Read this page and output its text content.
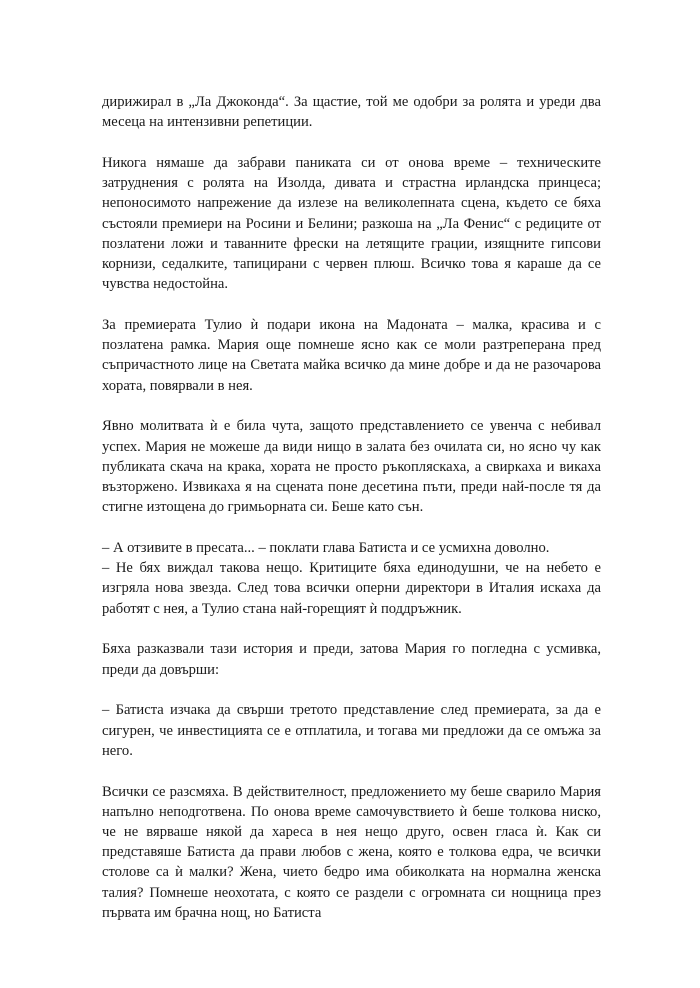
дирижирал в „Ла Джоконда“. За щастие, той ме одобри за ролята и уреди два месеца на интензивни репетиции.

Никога нямаше да забрави паниката си от онова време – техническите затруднения с ролята на Изолда, дивата и страстна ирландска принцеса; непоносимото напрежение да излезе на великолепната сцена, където се бяха състояли премиери на Росини и Белини; разкоша на „Ла Фенис“ с редиците от позлатени ложи и таванните фрески на летящите грации, изящните гипсови корнизи, седалките, тапицирани с червен плюш. Всичко това я караше да се чувства недостойна.

За премиерата Тулио ѝ подари икона на Мадоната – малка, красива и с позлатена рамка. Мария още помнеше ясно как се моли разтреперана пред съпричастното лице на Светата майка всичко да мине добре и да не разочарова хората, повярвали в нея.

Явно молитвата ѝ е била чута, защото представлението се увенча с небивал успех. Мария не можеше да види нищо в залата без очилата си, но ясно чу как публиката скача на крака, хората не просто ръкопляскаха, а свиркаха и викаха възторжено. Извикаха я на сцената поне десетина пъти, преди най-после тя да стигне изтощена до гримьорната си. Беше като сън.

– А отзивите в пресата... – поклати глава Батиста и се усмихна доволно.

– Не бях виждал такова нещо. Критиците бяха единодушни, че на небето е изгряла нова звезда. След това всички оперни директори в Италия искаха да работят с нея, а Тулио стана най-горещият ѝ поддръжник.

Бяха разказвали тази история и преди, затова Мария го погледна с усмивка, преди да довърши:

– Батиста изчака да свърши третото представление след премиерата, за да е сигурен, че инвестицията се е отплатила, и тогава ми предложи да се омъжа за него.

Всички се разсмяха. В действителност, предложението му беше сварило Мария напълно неподготвена. По онова време самочувствието ѝ беше толкова ниско, че не вярваше някой да хареса в нея нещо друго, освен гласа ѝ. Как си представяше Батиста да прави любов с жена, която е толкова едра, че всички столове са ѝ малки? Жена, чието бедро има обиколката на нормална женска талия? Помнеше неохотата, с която се раздели с огромната си нощница през първата им брачна нощ, но Батиста
